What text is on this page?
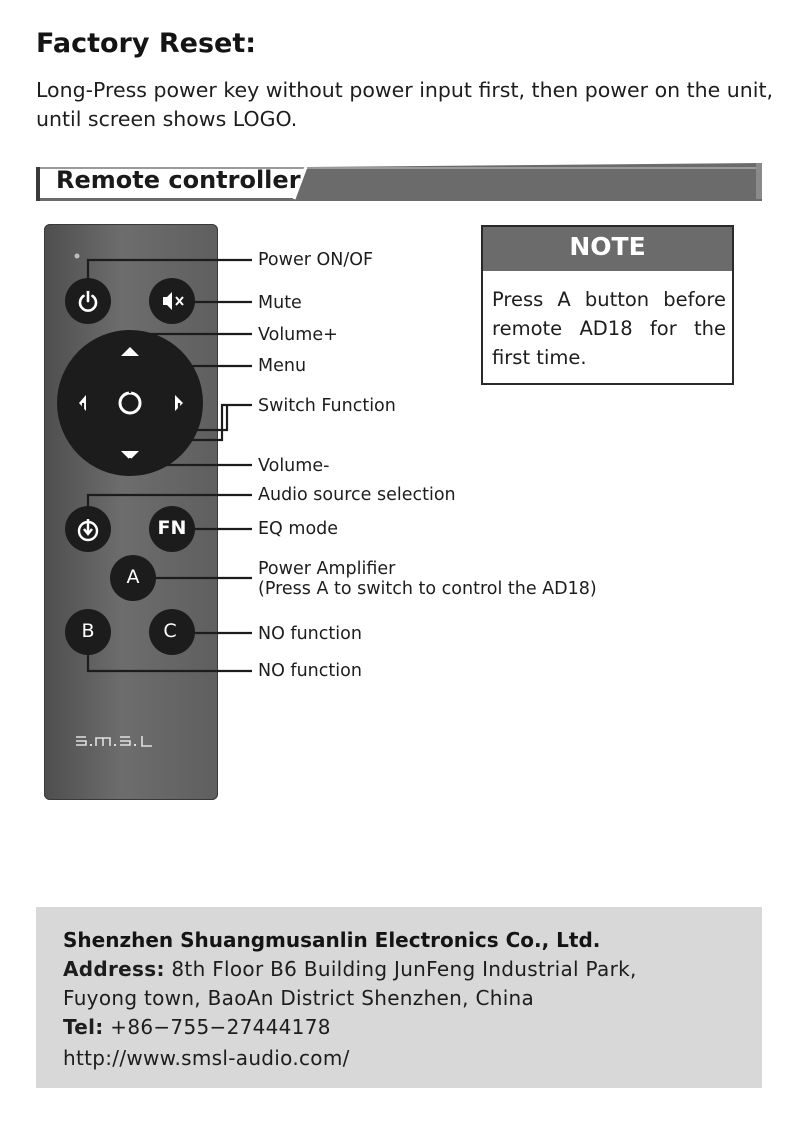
Factory Reset:
Long-Press power key without power input first, then power on the unit, until screen shows LOGO.
Remote controller
FN
A
B	C
Power ON/OF
Mute
Volume+
Menu
Switch Function
Volume-
Audio source selection
EQ mode
Power Amplifier
(Press A to switch to control the AD18)
NO function
NO function
NOTE
Press A button before remote AD18 for the first time.
Shenzhen Shuangmusanlin Electronics Co., Ltd.
Address: 8th Floor B6 Building JunFeng Industrial Park,
Fuyong town, BaoAn District Shenzhen, China
Tel: +86−755−27444178
http://www.smsl-audio.com/
